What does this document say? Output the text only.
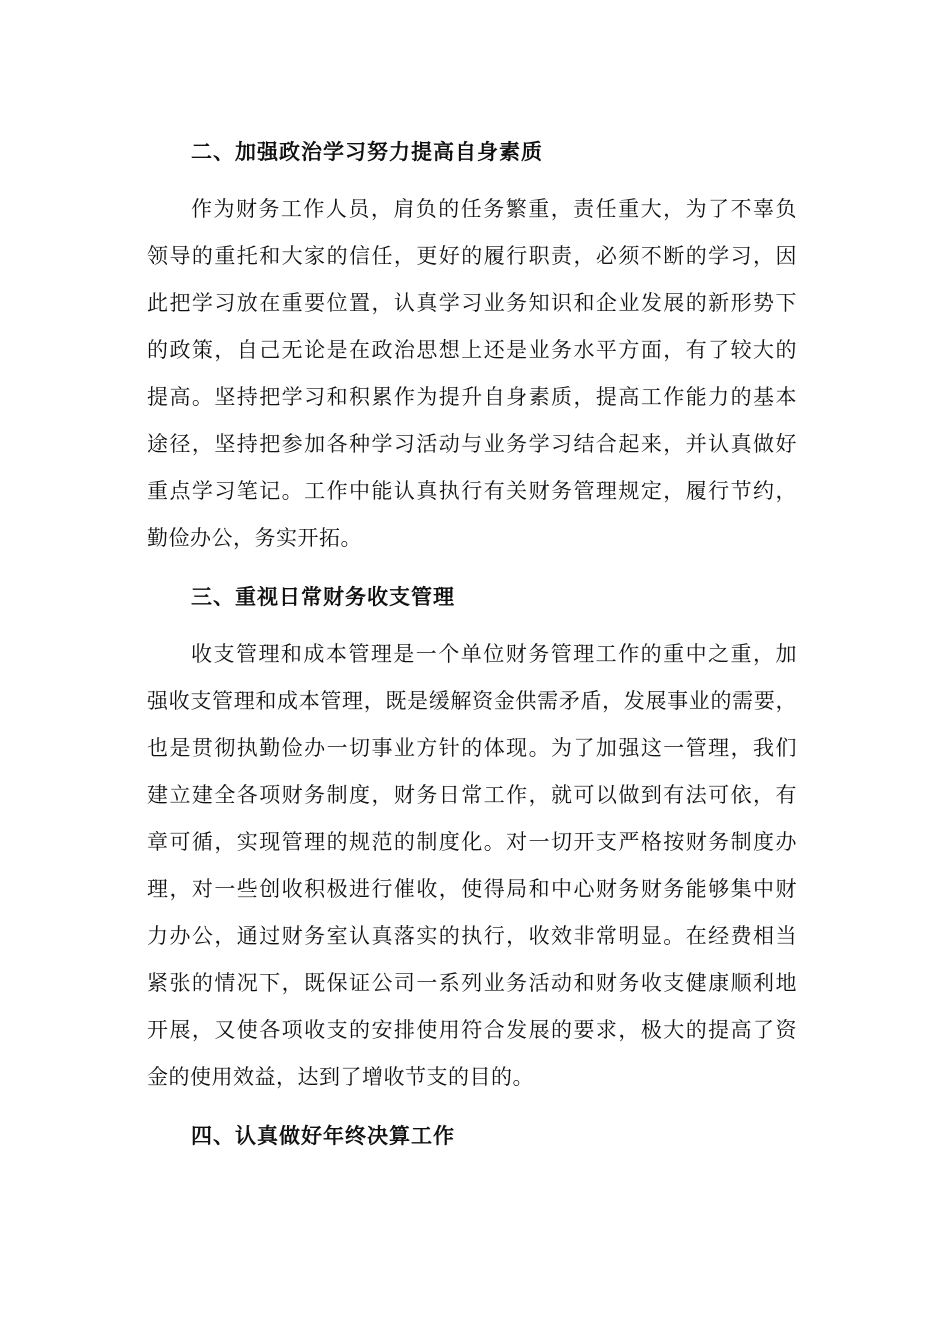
二、加强政治学习努力提高自身素质
作为财务工作人员，肩负的任务繁重，责任重大，为了不辜负
领导的重托和大家的信任，更好的履行职责，必须不断的学习，因
此把学习放在重要位置，认真学习业务知识和企业发展的新形势下
的政策，自己无论是在政治思想上还是业务水平方面，有了较大的
提高。坚持把学习和积累作为提升自身素质，提高工作能力的基本
途径，坚持把参加各种学习活动与业务学习结合起来，并认真做好
重点学习笔记。工作中能认真执行有关财务管理规定，履行节约，
勤俭办公，务实开拓。
三、重视日常财务收支管理
收支管理和成本管理是一个单位财务管理工作的重中之重，加
强收支管理和成本管理，既是缓解资金供需矛盾，发展事业的需要，
也是贯彻执勤俭办一切事业方针的体现。为了加强这一管理，我们
建立建全各项财务制度，财务日常工作，就可以做到有法可依，有
章可循，实现管理的规范的制度化。对一切开支严格按财务制度办
理，对一些创收积极进行催收，使得局和中心财务财务能够集中财
力办公，通过财务室认真落实的执行，收效非常明显。在经费相当
紧张的情况下，既保证公司一系列业务活动和财务收支健康顺利地
开展，又使各项收支的安排使用符合发展的要求，极大的提高了资
金的使用效益，达到了增收节支的目的。
四、认真做好年终决算工作
